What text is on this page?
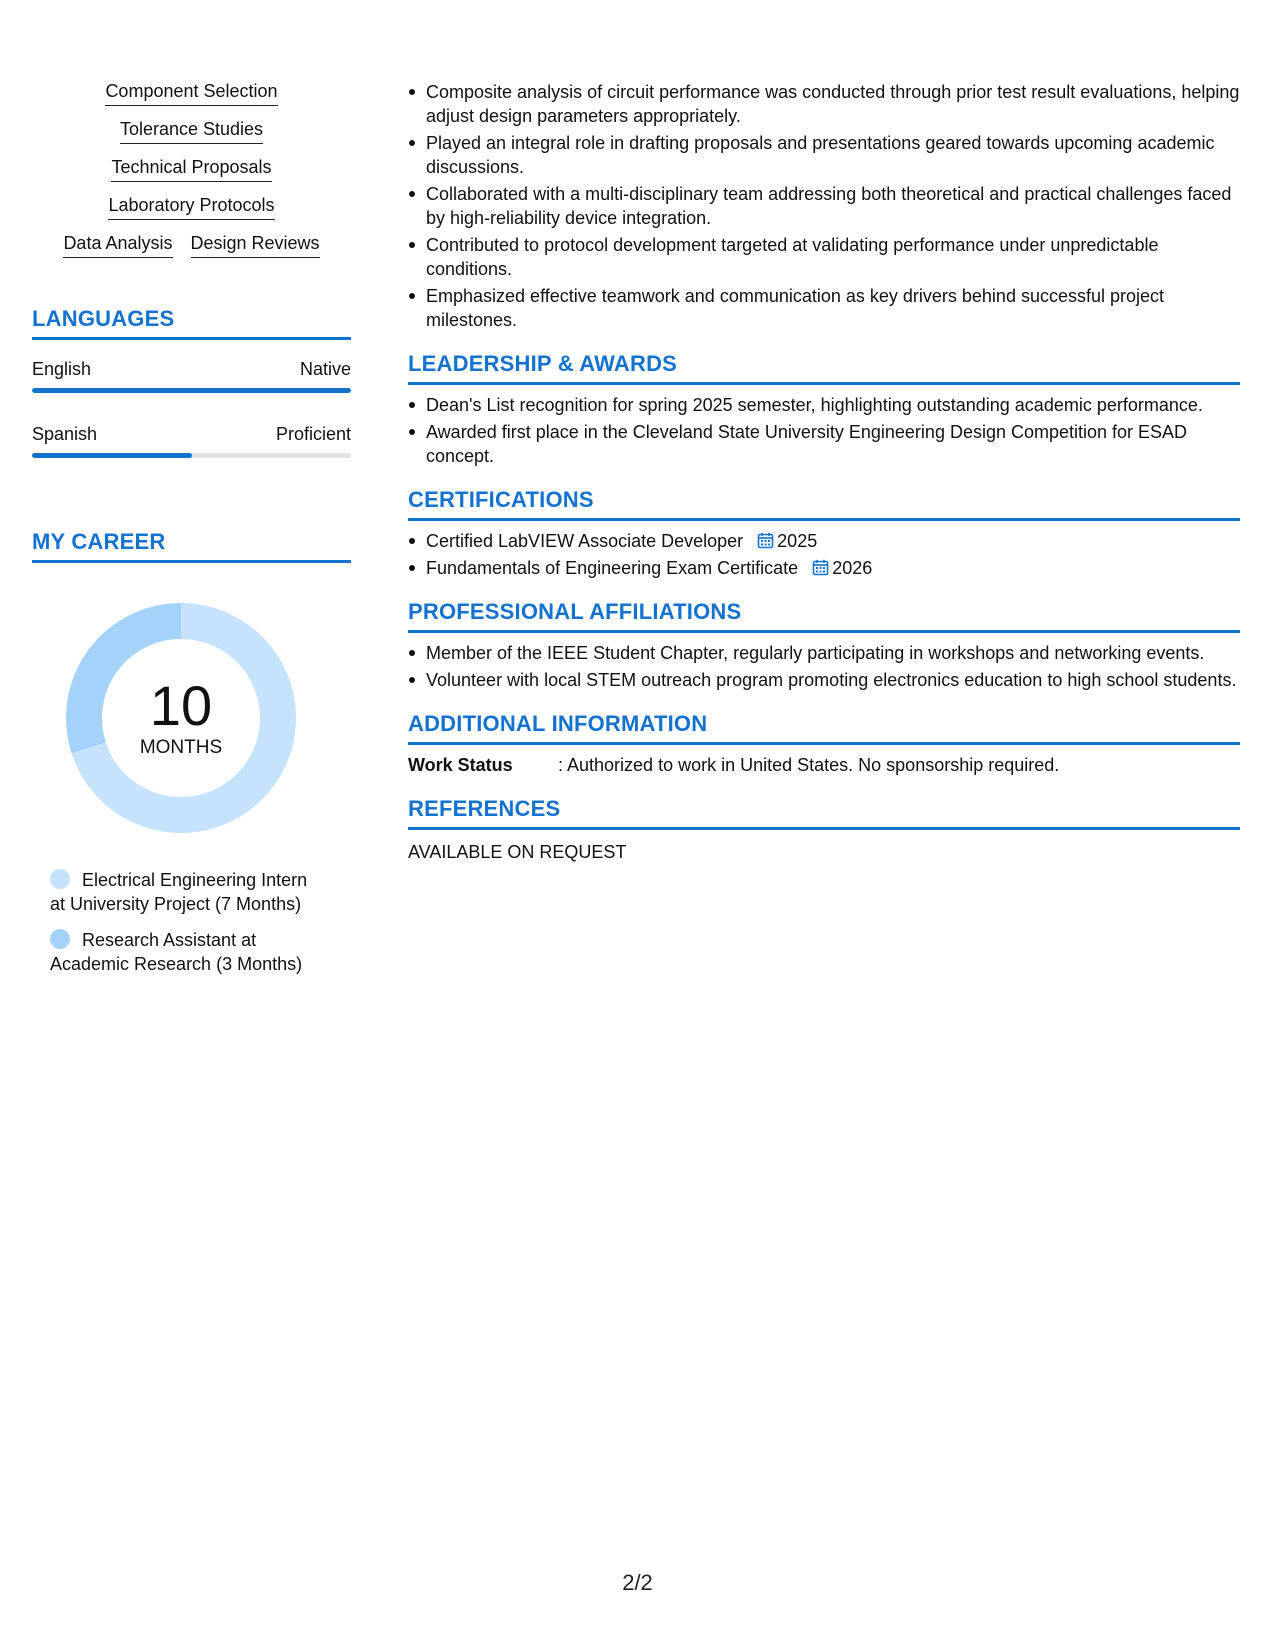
Component Selection
Tolerance Studies
Technical Proposals
Laboratory Protocols
Data Analysis Design Reviews
LANGUAGES
English	Native
Spanish	Proficient
MY CAREER
10
MONTHS
Electrical Engineering Intern at University Project (7 Months)
Research Assistant at Academic Research (3 Months)
Composite analysis of circuit performance was conducted through prior test result evaluations, helping adjust design parameters appropriately.
Played an integral role in drafting proposals and presentations geared towards upcoming academic discussions.
Collaborated with a multi-disciplinary team addressing both theoretical and practical challenges faced by high-reliability device integration.
Contributed to protocol development targeted at validating performance under unpredictable conditions.
Emphasized effective teamwork and communication as key drivers behind successful project milestones.
LEADERSHIP & AWARDS
Dean's List recognition for spring 2025 semester, highlighting outstanding academic performance.
Awarded first place in the Cleveland State University Engineering Design Competition for ESAD concept.
CERTIFICATIONS
Certified LabVIEW Associate Developer 2025
Fundamentals of Engineering Exam Certificate 2026
PROFESSIONAL AFFILIATIONS
Member of the IEEE Student Chapter, regularly participating in workshops and networking events.
Volunteer with local STEM outreach program promoting electronics education to high school students.
ADDITIONAL INFORMATION
Work Status	: Authorized to work in United States. No sponsorship required.
REFERENCES
AVAILABLE ON REQUEST
2/2
